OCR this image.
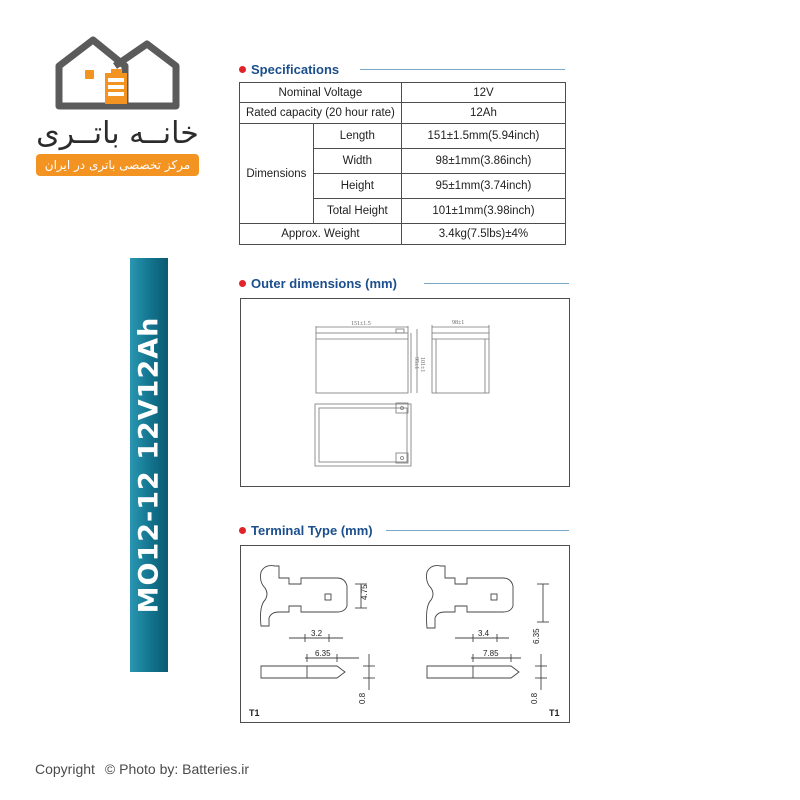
خانــه باتــری
مرکز تخصصی باتری در ایران
MO12-12 12V12Ah
Specifications
Nominal Voltage		12V
Rated capacity (20 hour rate)		12Ah
Dimensions	Length	151±1.5mm(5.94inch)
	Width	98±1mm(3.86inch)
	Height	95±1mm(3.74inch)
	Total Height	101±1mm(3.98inch)
Approx. Weight		3.4kg(7.5lbs)±4%
Outer dimensions (mm)
151±1.5	98±1
95±1 101±1
Terminal Type (mm)
4.75
3.2
6.35
0.8
6.35
3.4
7.85
0.8
T1	T1
Copyright © Photo by: Batteries.ir
